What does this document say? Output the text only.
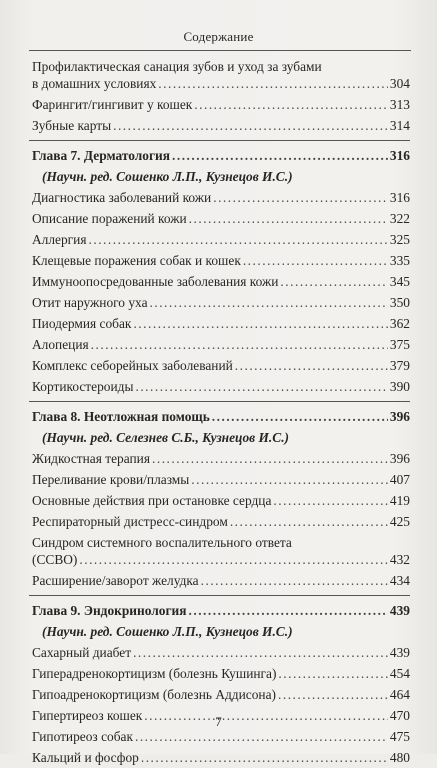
Содержание
Профилактическая санация зубов и уход за зубами
в домашних условиях .....	304
Фарингит/гингивит у кошек .....	313
Зубные карты .....	314
Глава 7. Дерматология .....	316
(Научн. ред. Сошенко Л.П., Кузнецов И.С.)
Диагностика заболеваний кожи .....	316
Описание поражений кожи .....	322
Аллергия .....	325
Клещевые поражения собак и кошек .....	335
Иммуноопосредованные заболевания кожи .....	345
Отит наружного уха .....	350
Пиодермия собак .....	362
Алопеция .....	375
Комплекс себорейных заболеваний .....	379
Кортикостероиды .....	390
Глава 8. Неотложная помощь .....	396
(Научн. ред. Селезнев С.Б., Кузнецов И.С.)
Жидкостная терапия .....	396
Переливание крови/плазмы .....	407
Основные действия при остановке сердца .....	419
Респираторный дистресс-синдром .....	425
Синдром системного воспалительного ответа
(ССВО) .....	432
Расширение/заворот желудка .....	434
Глава 9. Эндокринология .....	439
(Научн. ред. Сошенко Л.П., Кузнецов И.С.)
Сахарный диабет .....	439
Гиперадренокортицизм (болезнь Кушинга) .....	454
Гипоадренокортицизм (болезнь Аддисона) .....	464
Гипертиреоз кошек .....	470
Гипотиреоз собак .....	475
Кальций и фосфор .....	480
7
